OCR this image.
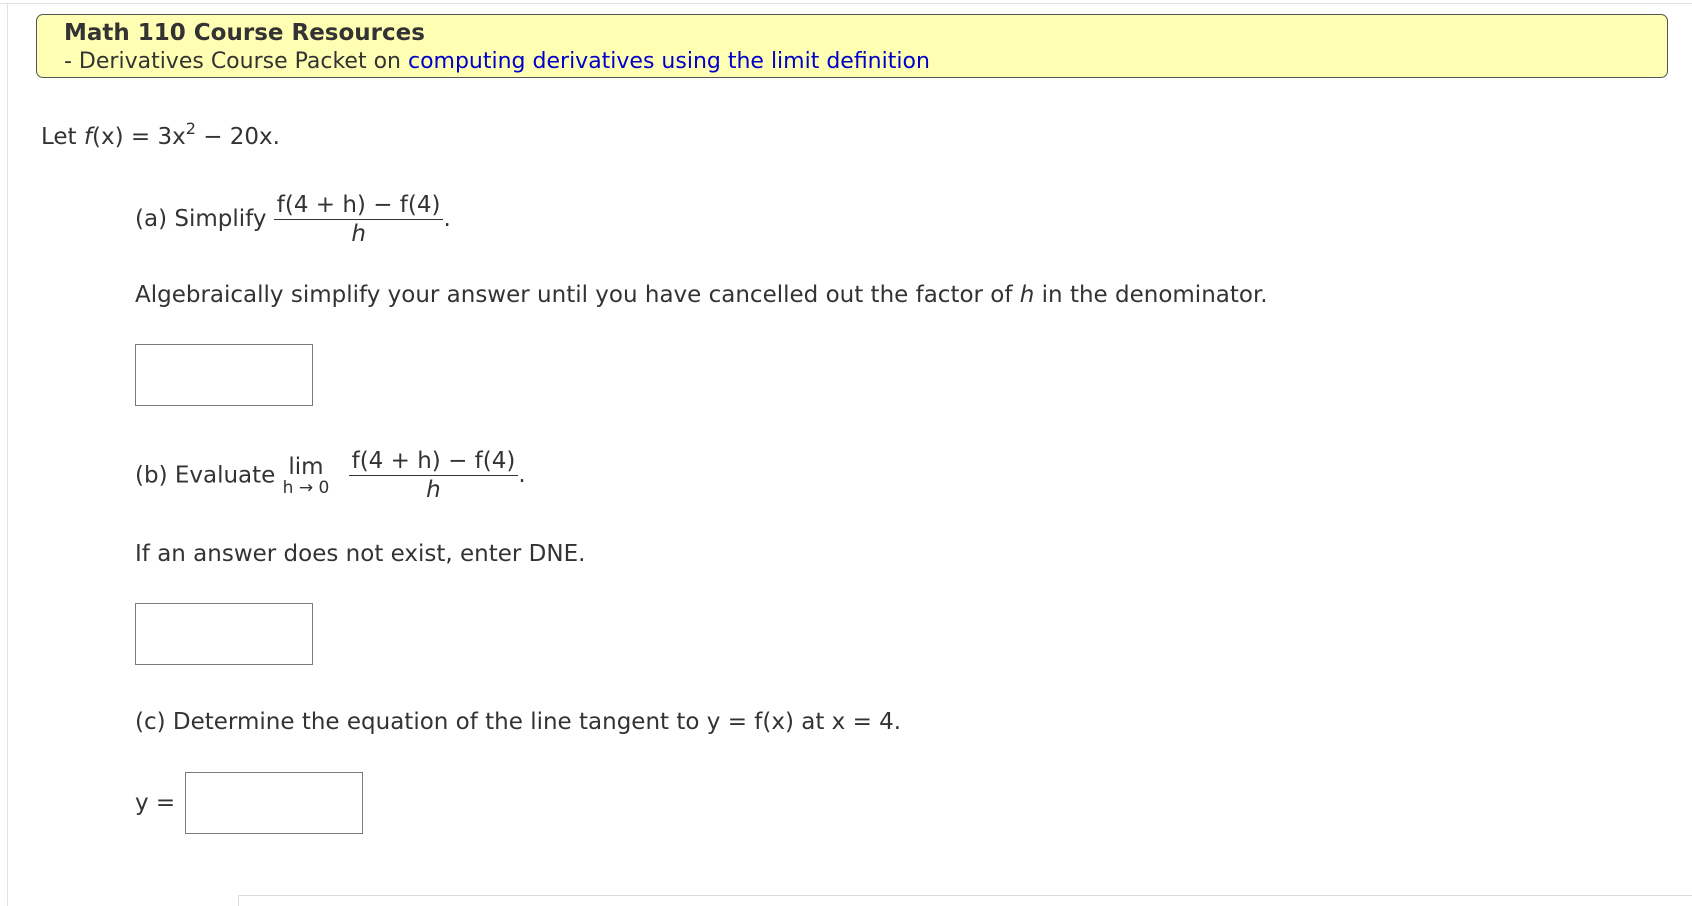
Math 110 Course Resources
- Derivatives Course Packet on computing derivatives using the limit definition
Let $f(x) = 3x^2 - 20x$.
(a) Simplify $\frac{f(4 + h) - f(4)}{h}$ .
Algebraically simplify your answer until you have cancelled out the factor of h in the denominator.
(b) Evaluate lim
h → 0
$\frac{f(4 + h) - f(4)}{h}$ .
If an answer does not exist, enter DNE.
(c) Determine the equation of the line tangent to y = f(x) at x = 4.
y =
